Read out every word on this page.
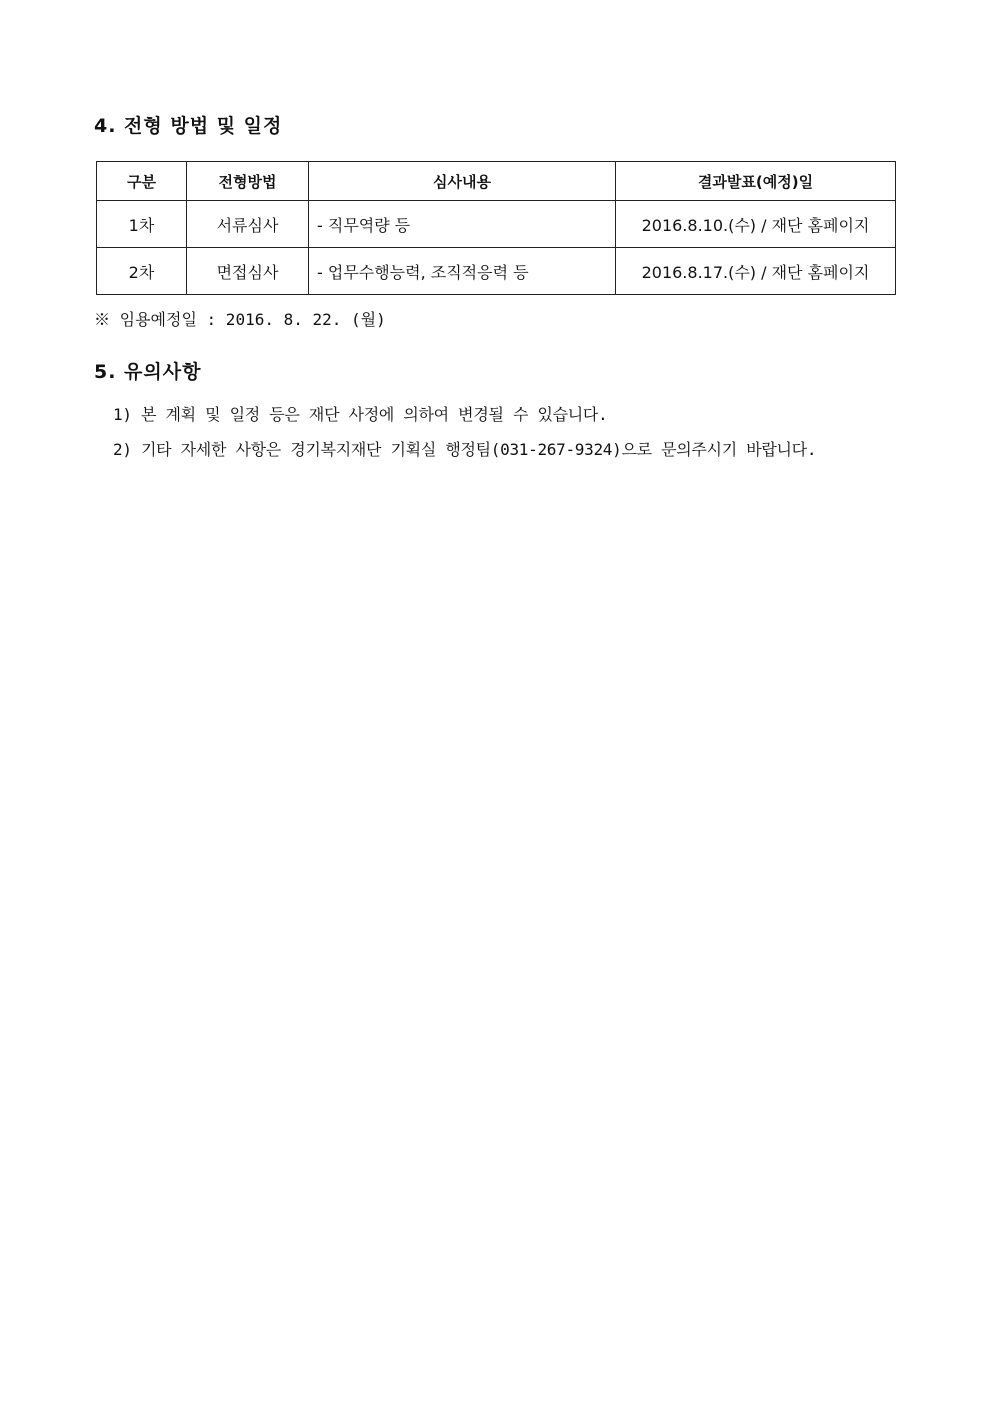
4. 전형 방법 및 일정
구분	전형방법	심사내용	결과발표(예정)일
1차	서류심사	- 직무역량 등	2016.8.10.(수) / 재단 홈페이지
2차	면접심사	- 업무수행능력, 조직적응력 등	2016.8.17.(수) / 재단 홈페이지
※ 임용예정일 : 2016. 8. 22. (월)
5. 유의사항
1) 본 계획 및 일정 등은 재단 사정에 의하여 변경될 수 있습니다.
2) 기타 자세한 사항은 경기복지재단 기획실 행정팀(031-267-9324)으로 문의주시기 바랍니다.
